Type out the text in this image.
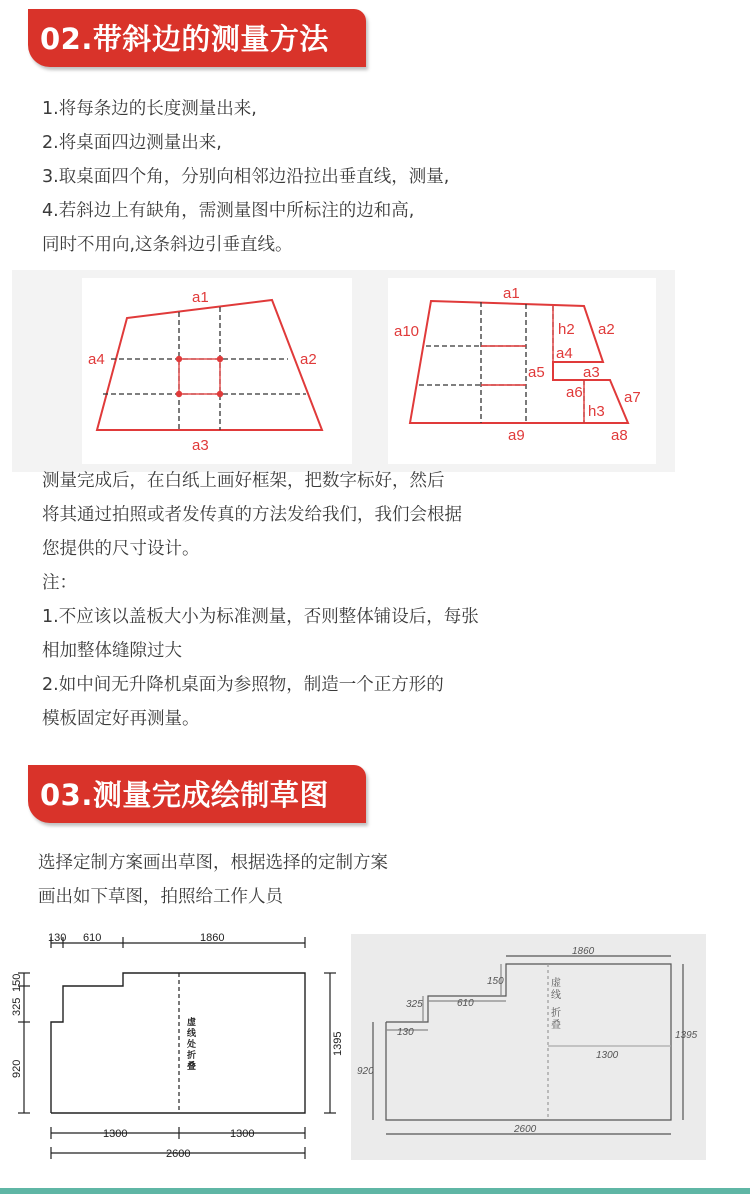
02.带斜边的测量方法
1.将每条边的长度测量出来,
2.将桌面四边测量出来,
3.取桌面四个角，分别向相邻边沿拉出垂直线，测量,
4.若斜边上有缺角，需测量图中所标注的边和高,
同时不用向,这条斜边引垂直线。
a1
a2
a3
a4
a1
a10	h2 a2
a4
a5	a3
a6	a7
h3
a9	a8
测量完成后，在白纸上画好框架，把数字标好，然后
将其通过拍照或者发传真的方法发给我们，我们会根据
您提供的尺寸设计。
注：
1.不应该以盖板大小为标准测量，否则整体铺设后，每张
相加整体缝隙过大
2.如中间无升降机桌面为参照物，制造一个正方形的
模板固定好再测量。
03.测量完成绘制草图
选择定制方案画出草图，根据选择的定制方案
画出如下草图，拍照给工作人员
130 610	1860
150
325
920
1395
1300	1300
2600
虚
线
处
折
叠
1860
150
325	610
130
920
1395
1300
2600
虚
线
折
叠
